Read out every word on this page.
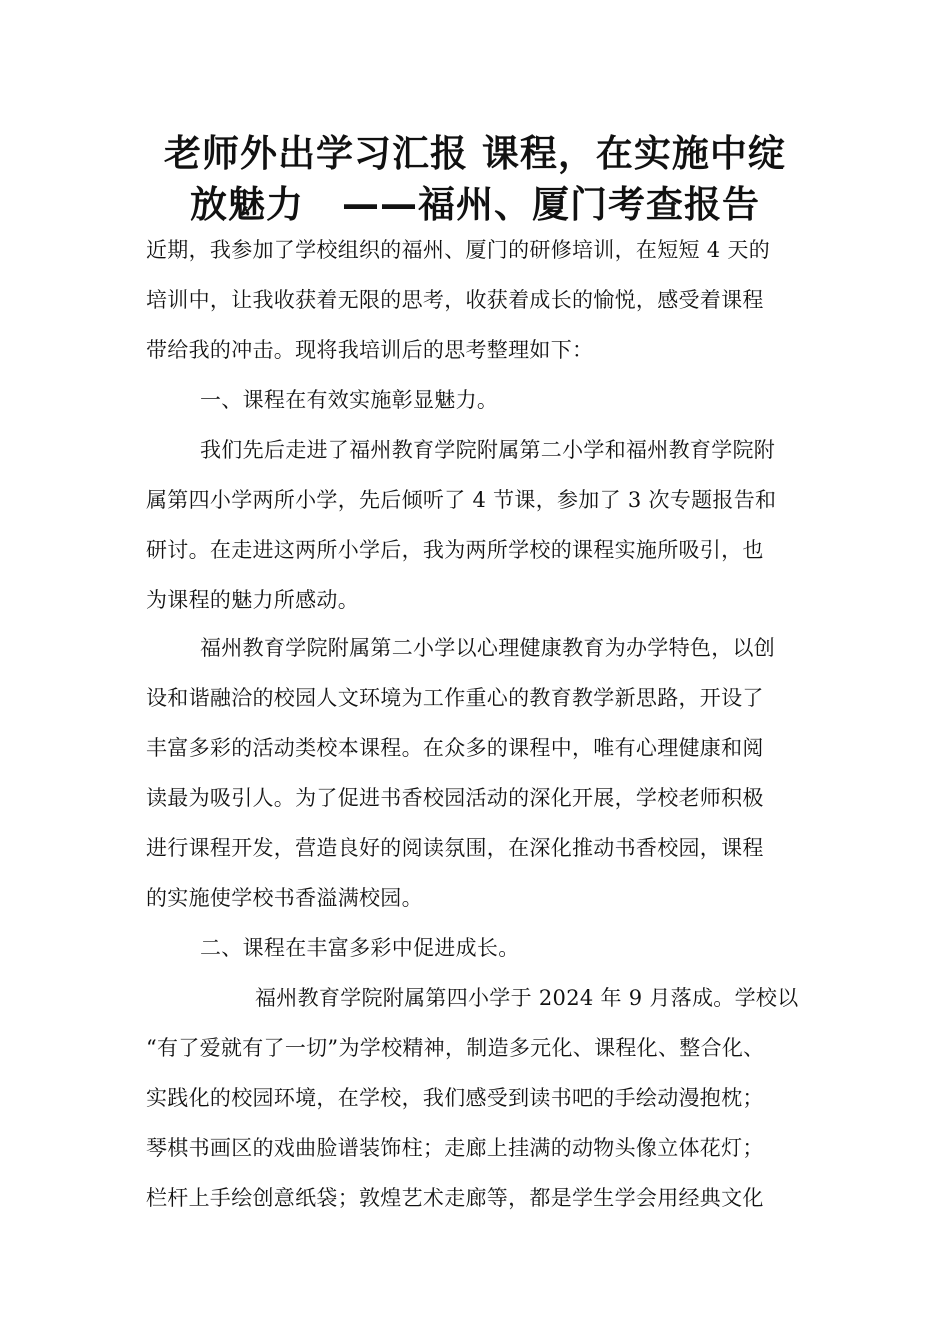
老师外出学习汇报 课程，在实施中绽
放魅力　——福州、厦门考查报告
近期，我参加了学校组织的福州、厦门的研修培训，在短短 4 天的
培训中，让我收获着无限的思考，收获着成长的愉悦，感受着课程
带给我的冲击。现将我培训后的思考整理如下：
一、课程在有效实施彰显魅力。
我们先后走进了福州教育学院附属第二小学和福州教育学院附
属第四小学两所小学，先后倾听了 4 节课，参加了 3 次专题报告和
研讨。在走进这两所小学后，我为两所学校的课程实施所吸引，也
为课程的魅力所感动。
福州教育学院附属第二小学以心理健康教育为办学特色，以创
设和谐融洽的校园人文环境为工作重心的教育教学新思路，开设了
丰富多彩的活动类校本课程。在众多的课程中，唯有心理健康和阅
读最为吸引人。为了促进书香校园活动的深化开展，学校老师积极
进行课程开发，营造良好的阅读氛围，在深化推动书香校园，课程
的实施使学校书香溢满校园。
二、课程在丰富多彩中促进成长。
福州教育学院附属第四小学于 2024 年 9 月落成。学校以
“有了爱就有了一切”为学校精神，制造多元化、课程化、整合化、
实践化的校园环境，在学校，我们感受到读书吧的手绘动漫抱枕；
琴棋书画区的戏曲脸谱装饰柱；走廊上挂满的动物头像立体花灯；
栏杆上手绘创意纸袋；敦煌艺术走廊等，都是学生学会用经典文化
